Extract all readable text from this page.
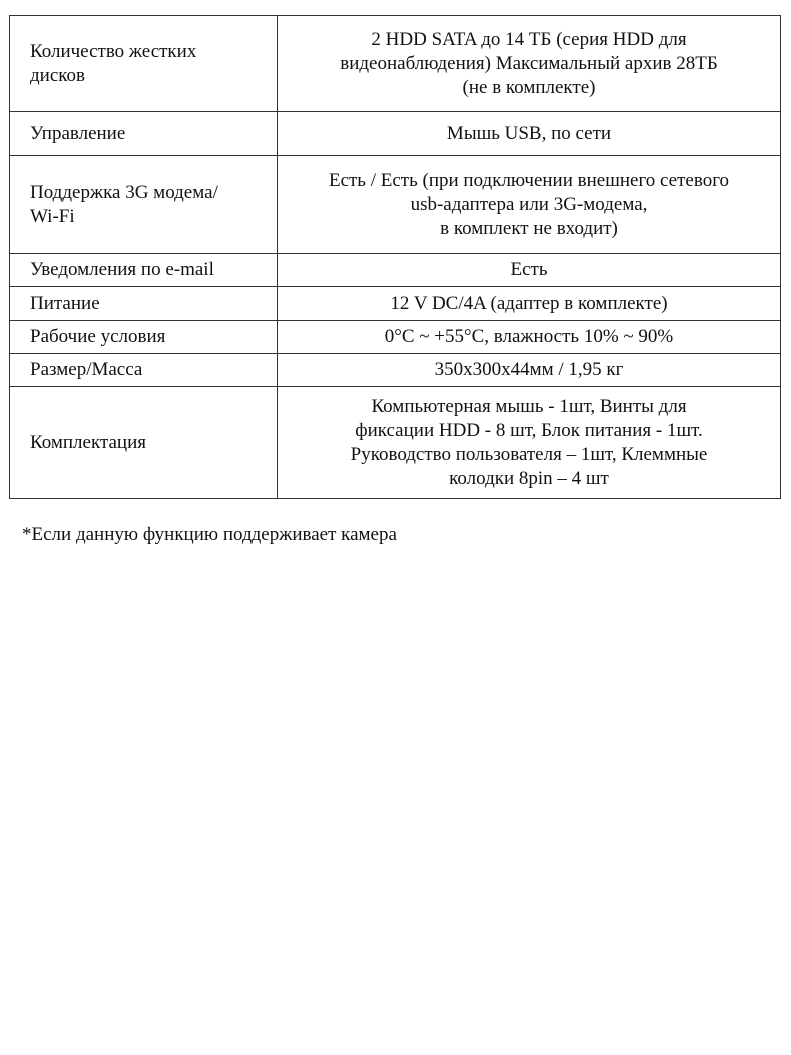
Количество жестких
дисков	2 HDD SATA до 14 ТБ (серия HDD для
видеонаблюдения) Максимальный архив 28ТБ
(не в комплекте)
Управление	Мышь USB, по сети
Поддержка 3G модема/
Wi-Fi	Есть / Есть (при подключении внешнего сетевого
usb-адаптера или 3G-модема,
в комплект не входит)
Уведомления по e-mail	Есть
Питание	12 V DC/4A (адаптер в комплекте)
Рабочие условия	0°C ~ +55°C, влажность 10% ~ 90%
Размер/Масса	350x300x44мм / 1,95 кг
Комплектация	Компьютерная мышь - 1шт, Винты для
фиксации HDD - 8 шт, Блок питания - 1шт.
Руководство пользователя – 1шт, Клеммные
колодки 8pin – 4 шт

*Если данную функцию поддерживает камера
